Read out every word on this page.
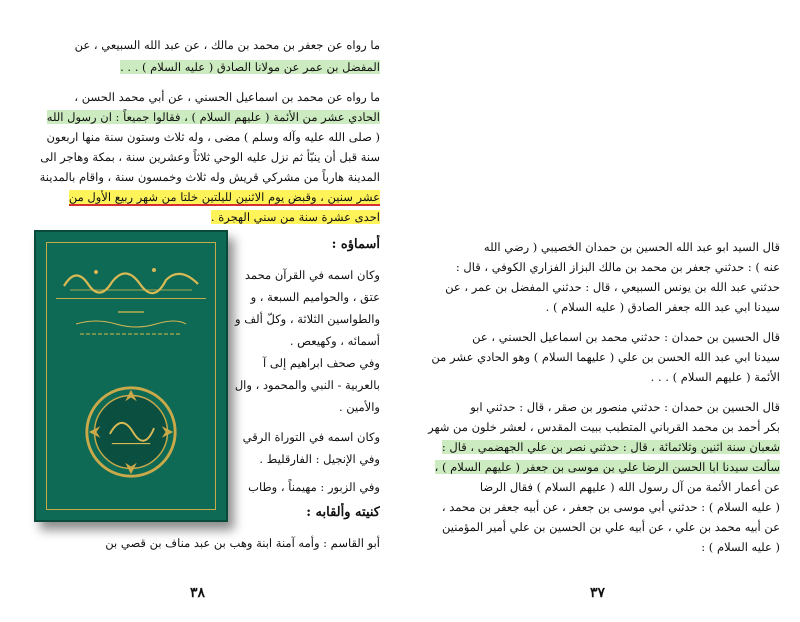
ما رواه عن جعفر بن محمد بن مالك ، عن عبد الله السبيعي ، عن
المفضل بن عمر عن مولانا الصادق ( عليه السلام ) . . .
ما رواه عن محمد بن اسماعيل الحسني ، عن أبي محمد الحسن ،
الحادي عشر من الأئمة ( عليهم السلام ) ، فقالوا جميعاً : ان رسول الله
( صلى الله عليه وآله وسلم ) مضى ، وله ثلاث وستون سنة منها اربعون
سنة قبل أن ينبّأ ثم نزل عليه الوحي ثلاثاً وعشرين سنة ، بمكة وهاجر الى
المدينة هارباً من مشركي قريش وله ثلاث وخمسون سنة ، واقام بالمدينة
عشر سنين ، وقبض يوم الاثنين لليلتين خلتا من شهر ربيع الأول من
احدى عشرة سنة من سني الهجرة .
أسماؤه :
وكان اسمه في القرآن محمد
عتق ، والحواميم السبعة ، و
والطواسين الثلاثة ، وكلّ ألف و
أسمائه ، وكهيعص .
وفي صحف ابراهيم إلى آ
بالعربية - النبي والمحمود ، وال
والأمين .
وكان اسمه في التوراة الرقي
وفي الإنجيل : الفارقليط .
وفي الزبور : مهيمناً ، وطاب
كنيته وألقابه :
أبو القاسم : وأمه آمنة ابنة وهب بن عبد مناف بن قصي بن
٣٨
قال السيد ابو عبد الله الحسين بن حمدان الخصيبي ( رضي الله
عنه ) : حدثني جعفر بن محمد بن مالك البزاز الفزاري الكوفي ، قال :
حدثني عبد الله بن يونس السبيعي ، قال : حدثني المفضل بن عمر ، عن
سيدنا ابي عبد الله جعفر الصادق ( عليه السلام ) .
قال الحسين بن حمدان : حدثني محمد بن اسماعيل الحسني ، عن
سيدنا ابي عبد الله الحسن بن علي ( عليهما السلام ) وهو الحادي عشر من
الأئمة ( عليهم السلام ) . . .
قال الحسين بن حمدان : حدثني منصور بن صقر ، قال : حدثني ابو
بكر أحمد بن محمد القرباني المتطبب ببيت المقدس ، لعشر خلون من شهر
شعبان سنة اثنين وثلاثمائة ، قال : حدثني نصر بن علي الجهضمي ، قال :
سألت سيدنا ابا الحسن الرضا علي بن موسى بن جعفر ( عليهم السلام ) ،
عن أعمار الأئمة من آل رسول الله ( عليهم السلام ) فقال الرضا
( عليه السلام ) : حدثني أبي موسى بن جعفر ، عن أبيه جعفر بن محمد ،
عن أبيه محمد بن علي ، عن أبيه علي بن الحسين بن علي أمير المؤمنين
( عليه السلام ) :
٣٧
